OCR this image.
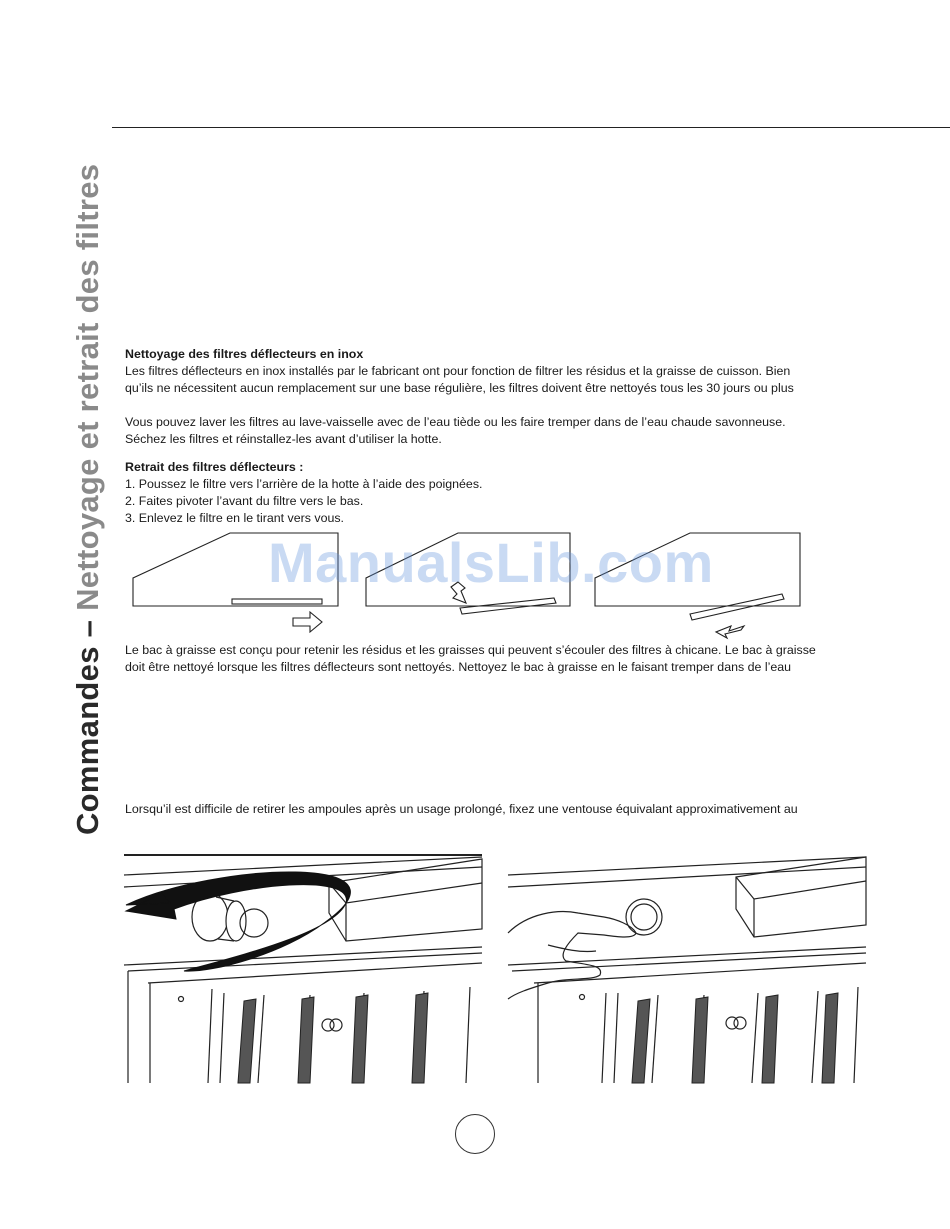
Commandes – Nettoyage et retrait des filtres Nettoyage des filtres déflecteurs en inox

Les filtres déflecteurs en inox installés par le fabricant ont pour fonction de filtrer les résidus et la graisse de cuisson. Bien

qu’ils ne nécessitent aucun remplacement sur une base régulière, les filtres doivent être nettoyés tous les 30 jours ou plus

Vous pouvez laver les filtres au lave-vaisselle avec de l’eau tiède ou les faire tremper dans de l’eau chaude savonneuse.

Séchez les filtres et réinstallez-les avant d’utiliser la hotte.

Retrait des filtres déflecteurs :

1. Poussez le filtre vers l’arrière de la hotte à l’aide des poignées.

2. Faites pivoter l’avant du filtre vers le bas.

3. Enlevez le filtre en le tirant vers vous.

ManualsLib.com

Le bac à graisse est conçu pour retenir les résidus et les graisses qui peuvent s’écouler des filtres à chicane. Le bac à graisse

doit être nettoyé lorsque les filtres déflecteurs sont nettoyés. Nettoyez le bac à graisse en le faisant tremper dans de l’eau

Lorsqu’il est difficile de retirer les ampoules après un usage prolongé, fixez une ventouse équivalant approximativement au
